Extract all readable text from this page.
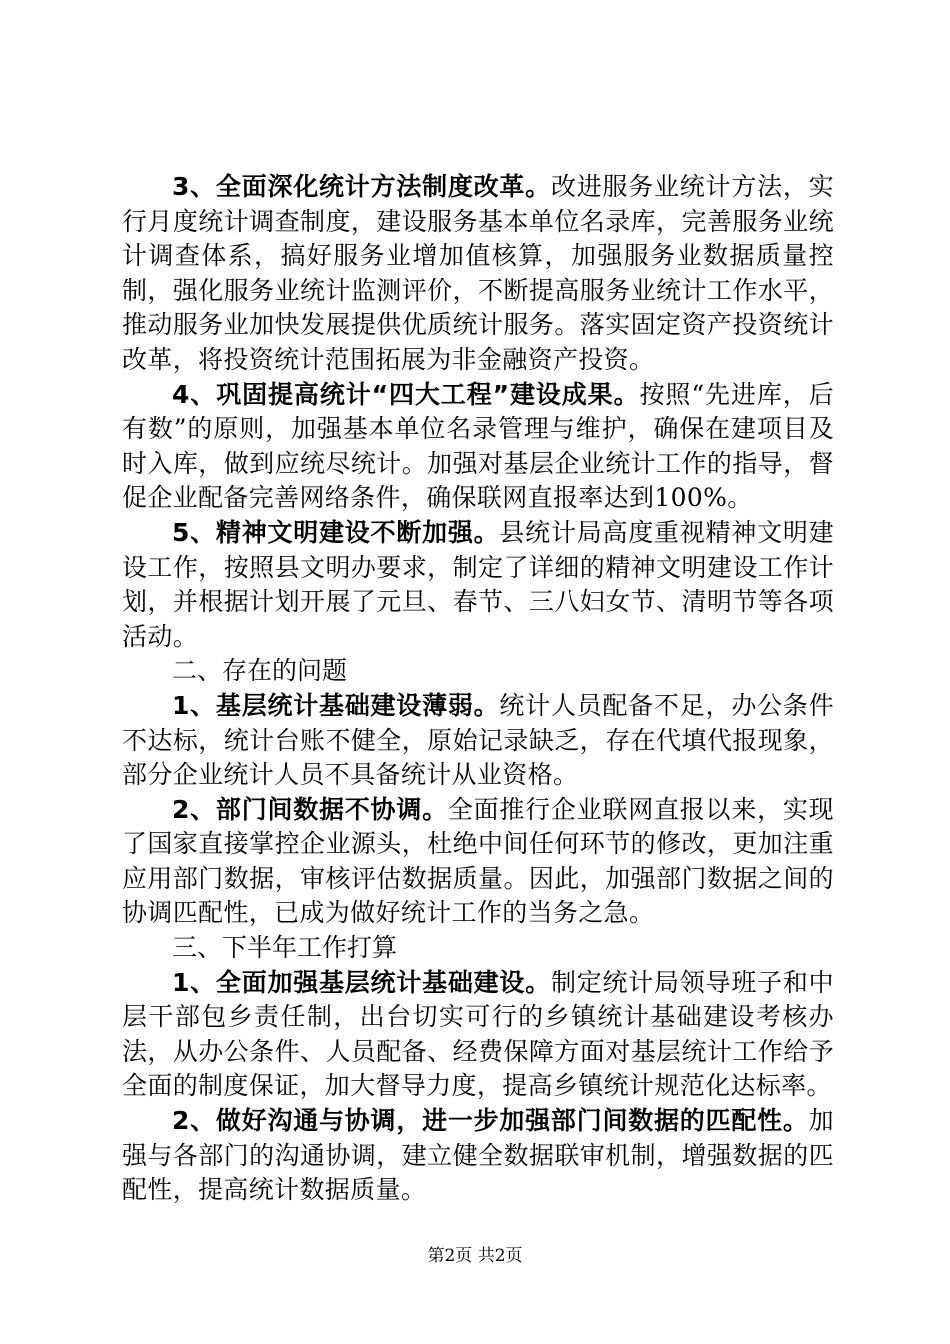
3、全面深化统计方法制度改革。改进服务业统计方法，实行月度统计调查制度，建设服务基本单位名录库，完善服务业统计调查体系，搞好服务业增加值核算，加强服务业数据质量控制，强化服务业统计监测评价，不断提高服务业统计工作水平，推动服务业加快发展提供优质统计服务。落实固定资产投资统计改革，将投资统计范围拓展为非金融资产投资。

4、巩固提高统计“四大工程”建设成果。按照“先进库，后有数”的原则，加强基本单位名录管理与维护，确保在建项目及时入库，做到应统尽统计。加强对基层企业统计工作的指导，督促企业配备完善网络条件，确保联网直报率达到100%。

5、精神文明建设不断加强。县统计局高度重视精神文明建设工作，按照县文明办要求，制定了详细的精神文明建设工作计划，并根据计划开展了元旦、春节、三八妇女节、清明节等各项活动。

二、存在的问题

1、基层统计基础建设薄弱。统计人员配备不足，办公条件不达标，统计台账不健全，原始记录缺乏，存在代填代报现象，部分企业统计人员不具备统计从业资格。

2、部门间数据不协调。全面推行企业联网直报以来，实现了国家直接掌控企业源头，杜绝中间任何环节的修改，更加注重应用部门数据，审核评估数据质量。因此，加强部门数据之间的协调匹配性，已成为做好统计工作的当务之急。

三、下半年工作打算

1、全面加强基层统计基础建设。制定统计局领导班子和中层干部包乡责任制，出台切实可行的乡镇统计基础建设考核办法，从办公条件、人员配备、经费保障方面对基层统计工作给予全面的制度保证，加大督导力度，提高乡镇统计规范化达标率。

2、做好沟通与协调，进一步加强部门间数据的匹配性。加强与各部门的沟通协调，建立健全数据联审机制，增强数据的匹配性，提高统计数据质量。

第2页 共2页
